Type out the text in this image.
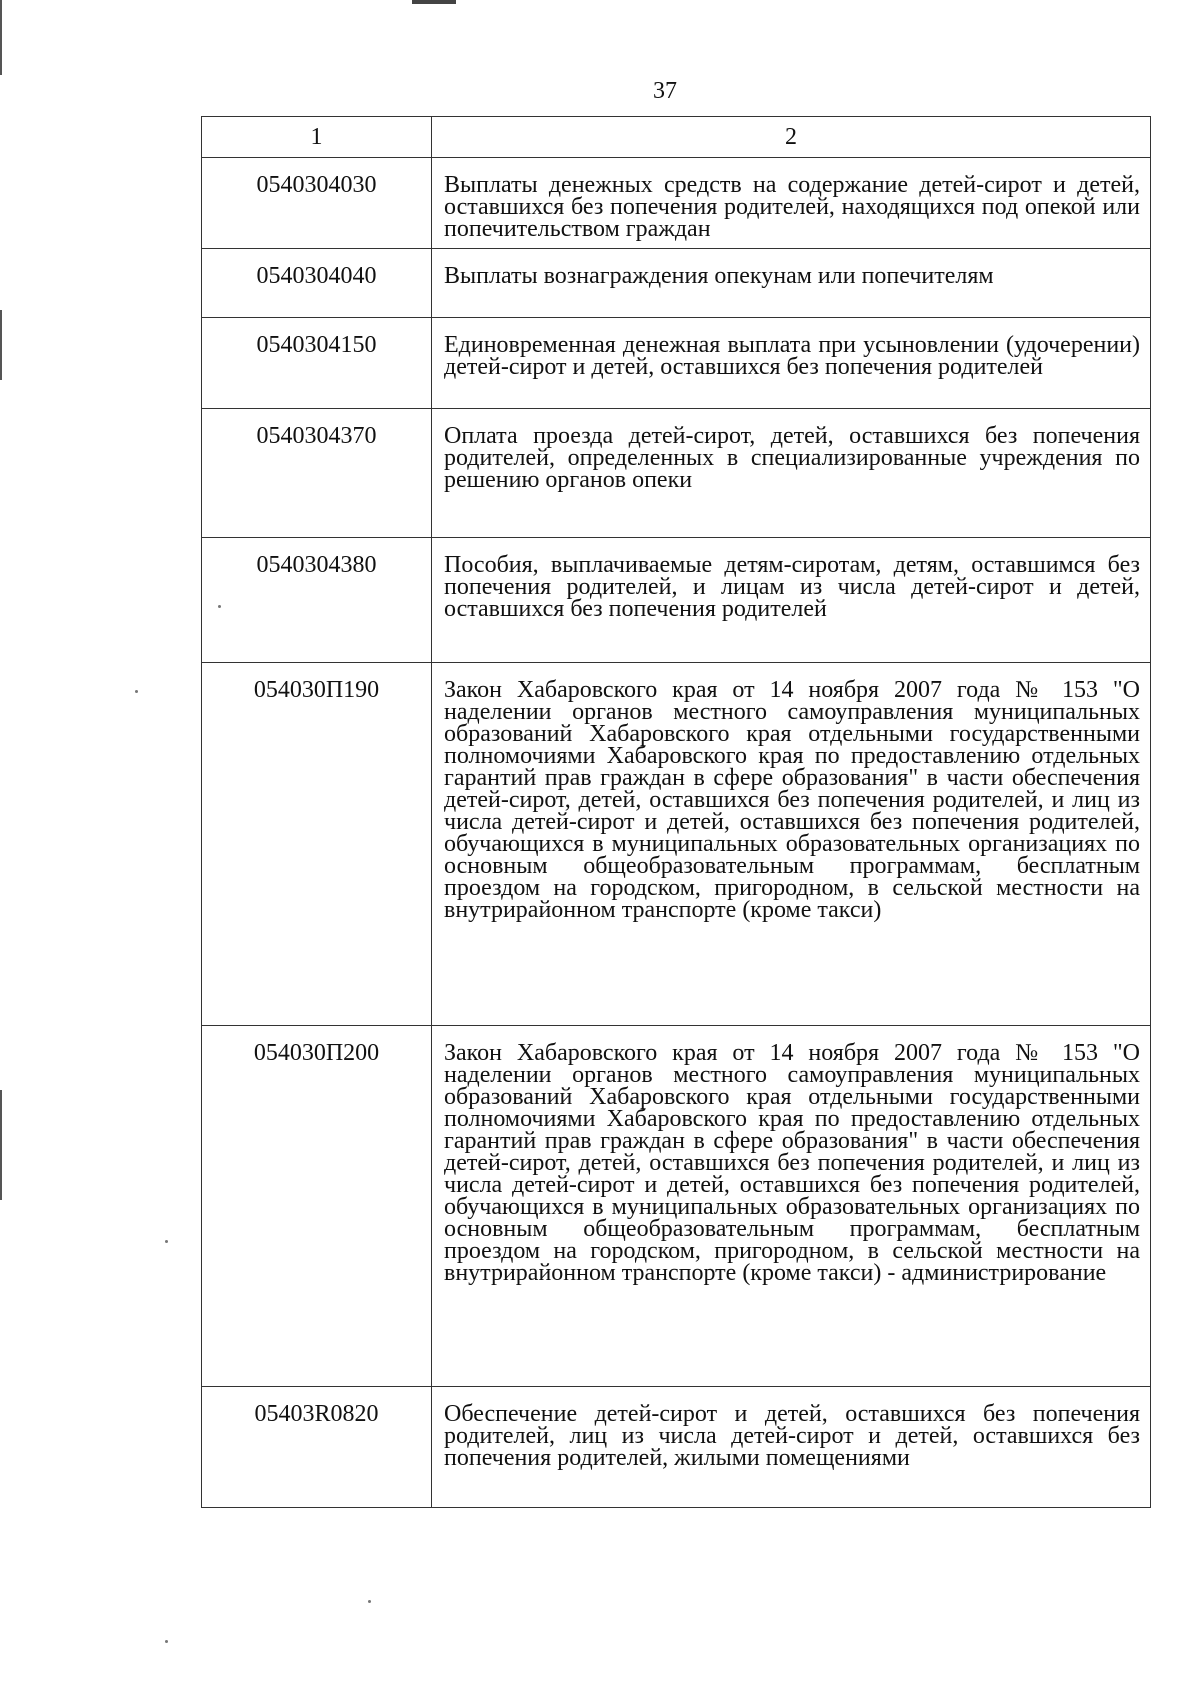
37
1	2
0540304030	Выплаты денежных средств на содержание детей-сирот и детей, оставшихся без попечения родителей, находящихся под опекой или попечительством граждан
0540304040	Выплаты вознаграждения опекунам или попечителям
0540304150	Единовременная денежная выплата при усыновлении (удочерении) детей-сирот и детей, оставшихся без попечения родителей
0540304370	Оплата проезда детей-сирот, детей, оставшихся без попечения родителей, определенных в специализированные учреждения по решению органов опеки
0540304380	Пособия, выплачиваемые детям-сиротам, детям, оставшимся без попечения родителей, и лицам из числа детей-сирот и детей, оставшихся без попечения родителей
054030П190	Закон Хабаровского края от 14 ноября 2007 года № 153 "О наделении органов местного самоуправления муниципальных образований Хабаровского края отдельными государственными полномочиями Хабаровского края по предоставлению отдельных гарантий прав граждан в сфере образования" в части обеспечения детей-сирот, детей, оставшихся без попечения родителей, и лиц из числа детей-сирот и детей, оставшихся без попечения родителей, обучающихся в муниципальных образовательных организациях по основным общеобразовательным программам, бесплатным проездом на городском, пригородном, в сельской местности на внутрирайонном транспорте (кроме такси)
054030П200	Закон Хабаровского края от 14 ноября 2007 года № 153 "О наделении органов местного самоуправления муниципальных образований Хабаровского края отдельными государственными полномочиями Хабаровского края по предоставлению отдельных гарантий прав граждан в сфере образования" в части обеспечения детей-сирот, детей, оставшихся без попечения родителей, и лиц из числа детей-сирот и детей, оставшихся без попечения родителей, обучающихся в муниципальных образовательных организациях по основным общеобразовательным программам, бесплатным проездом на городском, пригородном, в сельской местности на внутрирайонном транспорте (кроме такси) - администрирование
05403R0820	Обеспечение детей-сирот и детей, оставшихся без попечения родителей, лиц из числа детей-сирот и детей, оставшихся без попечения родителей, жилыми помещениями
